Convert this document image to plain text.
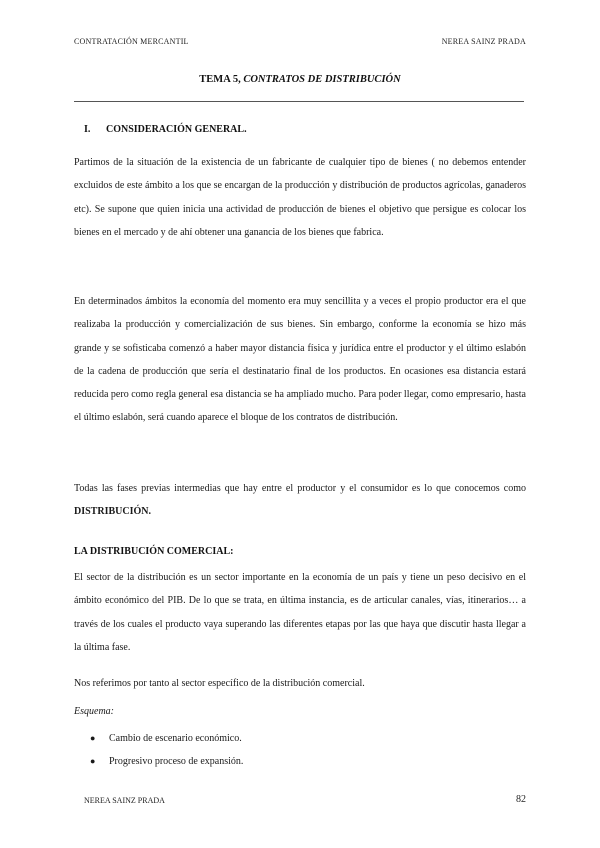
CONTRATACIÓN MERCANTIL	NEREA SAINZ PRADA
TEMA 5, CONTRATOS DE DISTRIBUCIÓN
I. CONSIDERACIÓN GENERAL.

Partimos de la situación de la existencia de un fabricante de cualquier tipo de bienes ( no debemos entender excluidos de este ámbito a los que se encargan de la producción y distribución de productos agrícolas, ganaderos etc). Se supone que quien inicia una actividad de producción de bienes el objetivo que persigue es colocar los bienes en el mercado y de ahí obtener una ganancia de los bienes que fabrica.

En determinados ámbitos la economía del momento era muy sencillita y a veces el propio productor era el que realizaba la producción y comercialización de sus bienes. Sin embargo, conforme la economía se hizo más grande y se sofisticaba comenzó a haber mayor distancia física y jurídica entre el productor y el último eslabón de la cadena de producción que sería el destinatario final de los productos. En ocasiones esa distancia estará reducida pero como regla general esa distancia se ha ampliado mucho. Para poder llegar, como empresario, hasta el último eslabón, será cuando aparece el bloque de los contratos de distribución.

Todas las fases previas intermedias que hay entre el productor y el consumidor es lo que conocemos como DISTRIBUCIÓN.

LA DISTRIBUCIÓN COMERCIAL:

El sector de la distribución es un sector importante en la economía de un país y tiene un peso decisivo en el ámbito económico del PIB. De lo que se trata, en última instancia, es de articular canales, vías, itinerarios… a través de los cuales el producto vaya superando las diferentes etapas por las que haya que discutir hasta llegar a la última fase.

Nos referimos por tanto al sector específico de la distribución comercial.

Esquema:
● Cambio de escenario económico.
● Progresivo proceso de expansión.
NEREA SAINZ PRADA	82
